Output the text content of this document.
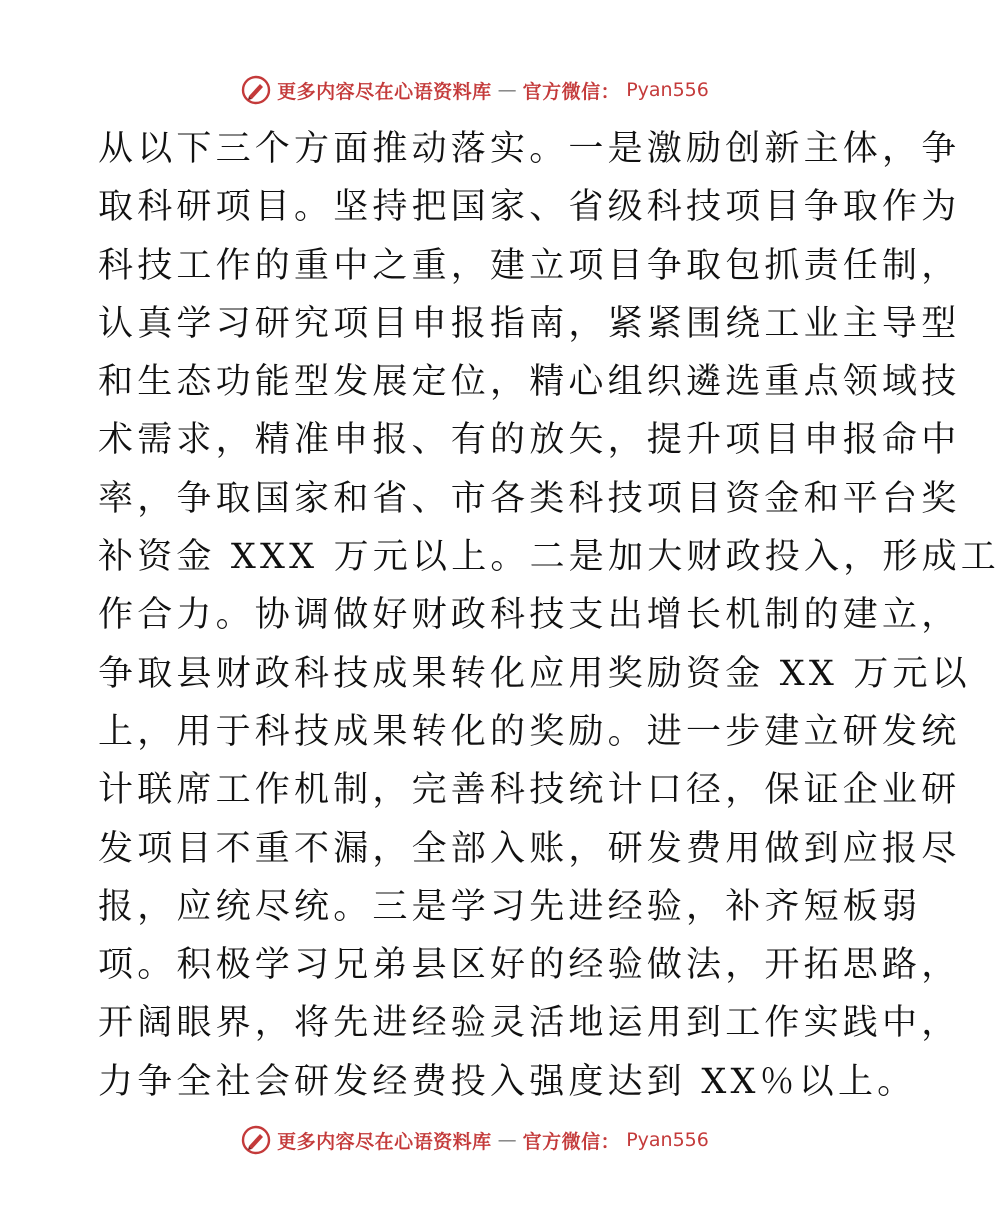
更多内容尽在心语资料库 — 官方微信： Pyan556
从以下三个方面推动落实。一是激励创新主体，争
取科研项目。坚持把国家、省级科技项目争取作为
科技工作的重中之重，建立项目争取包抓责任制，
认真学习研究项目申报指南，紧紧围绕工业主导型
和生态功能型发展定位，精心组织遴选重点领域技
术需求，精准申报、有的放矢，提升项目申报命中
率，争取国家和省、市各类科技项目资金和平台奖
补资金 XXX 万元以上。二是加大财政投入，形成工
作合力。协调做好财政科技支出增长机制的建立，
争取县财政科技成果转化应用奖励资金 XX 万元以
上，用于科技成果转化的奖励。进一步建立研发统
计联席工作机制，完善科技统计口径，保证企业研
发项目不重不漏，全部入账，研发费用做到应报尽
报，应统尽统。三是学习先进经验，补齐短板弱
项。积极学习兄弟县区好的经验做法，开拓思路，
开阔眼界，将先进经验灵活地运用到工作实践中，
力争全社会研发经费投入强度达到 XX％以上。
更多内容尽在心语资料库 — 官方微信： Pyan556
